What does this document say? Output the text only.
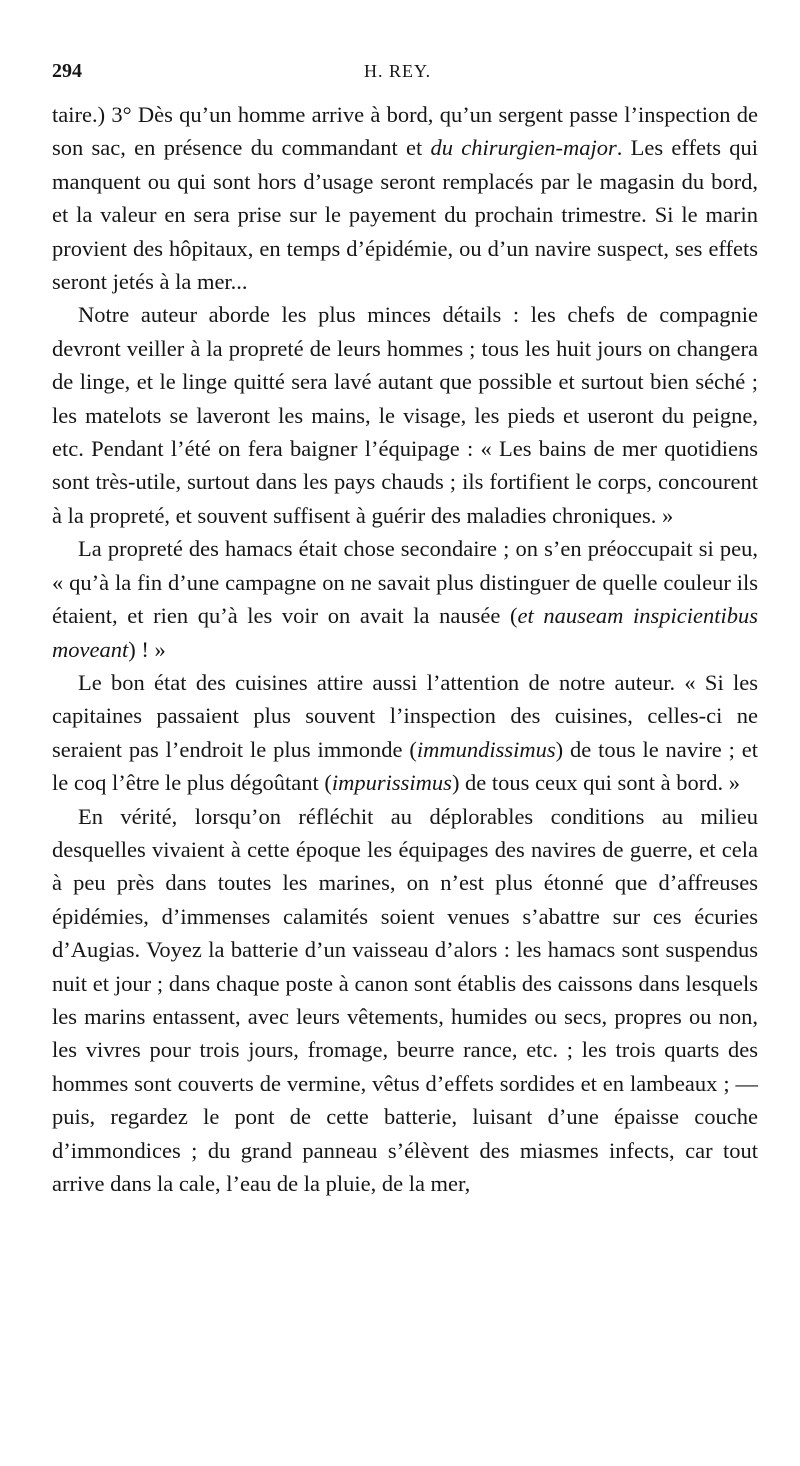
294	H. REY.

taire.) 3° Dès qu’un homme arrive à bord, qu’un sergent passe l’inspection de son sac, en présence du commandant et du chirurgien-major. Les effets qui manquent ou qui sont hors d’usage seront remplacés par le magasin du bord, et la valeur en sera prise sur le payement du prochain trimestre. Si le marin provient des hôpitaux, en temps d’épidémie, ou d’un navire suspect, ses effets seront jetés à la mer...

Notre auteur aborde les plus minces détails : les chefs de compagnie devront veiller à la propreté de leurs hommes ; tous les huit jours on changera de linge, et le linge quitté sera lavé autant que possible et surtout bien séché ; les matelots se laveront les mains, le visage, les pieds et useront du peigne, etc. Pendant l’été on fera baigner l’équipage : « Les bains de mer quotidiens sont très-utile, surtout dans les pays chauds ; ils fortifient le corps, concourent à la propreté, et souvent suffisent à guérir des maladies chroniques. »

La propreté des hamacs était chose secondaire ; on s’en préoccupait si peu, « qu’à la fin d’une campagne on ne savait plus distinguer de quelle couleur ils étaient, et rien qu’à les voir on avait la nausée (et nauseam inspicientibus moveant) ! »

Le bon état des cuisines attire aussi l’attention de notre auteur. « Si les capitaines passaient plus souvent l’inspection des cuisines, celles-ci ne seraient pas l’endroit le plus immonde (immundissimus) de tous le navire ; et le coq l’être le plus dégoûtant (impurissimus) de tous ceux qui sont à bord. »

En vérité, lorsqu’on réfléchit au déplorables conditions au milieu desquelles vivaient à cette époque les équipages des navires de guerre, et cela à peu près dans toutes les marines, on n’est plus étonné que d’affreuses épidémies, d’immenses calamités soient venues s’abattre sur ces écuries d’Augias. Voyez la batterie d’un vaisseau d’alors : les hamacs sont suspendus nuit et jour ; dans chaque poste à canon sont établis des caissons dans lesquels les marins entassent, avec leurs vêtements, humides ou secs, propres ou non, les vivres pour trois jours, fromage, beurre rance, etc. ; les trois quarts des hommes sont couverts de vermine, vêtus d’effets sordides et en lambeaux ; — puis, regardez le pont de cette batterie, luisant d’une épaisse couche d’immondices ; du grand panneau s’élèvent des miasmes infects, car tout arrive dans la cale, l’eau de la pluie, de la mer,
